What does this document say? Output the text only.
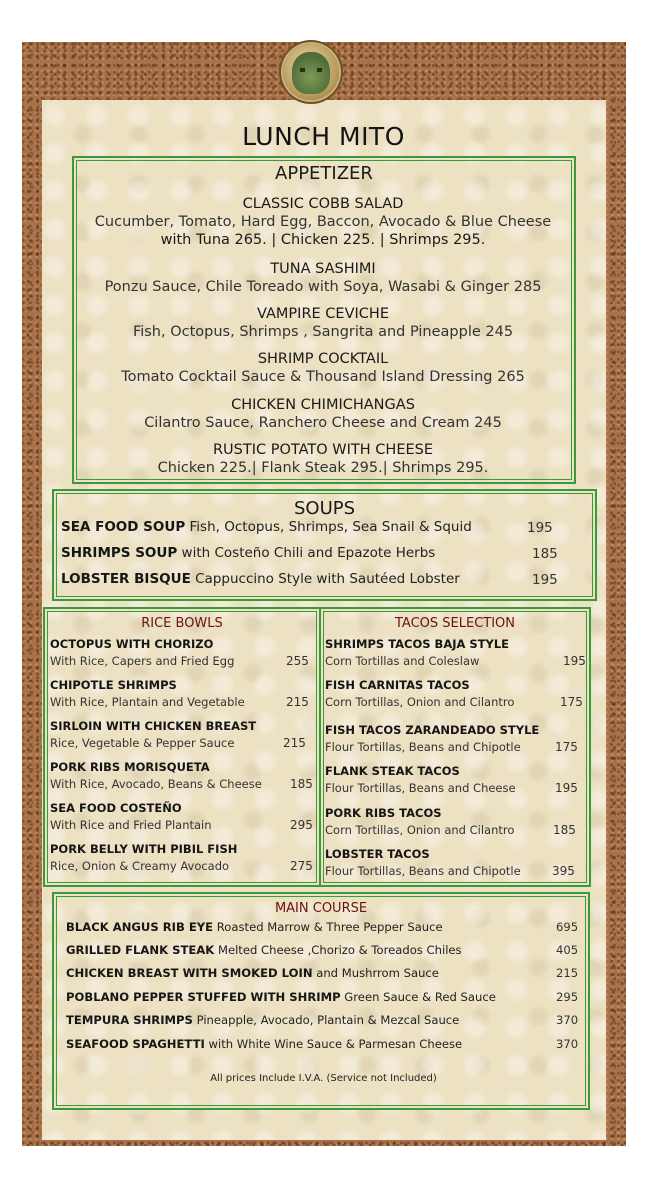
LUNCH MITO
APPETIZER
CLASSIC COBB SALAD
Cucumber, Tomato, Hard Egg, Baccon, Avocado & Blue Cheese
with Tuna 265. | Chicken 225. | Shrimps 295.
TUNA SASHIMI
Ponzu Sauce, Chile Toreado with Soya, Wasabi & Ginger 285
VAMPIRE CEVICHE
Fish, Octopus, Shrimps , Sangrita and Pineapple 245
SHRIMP COCKTAIL
Tomato Cocktail Sauce & Thousand Island Dressing 265
CHICKEN CHIMICHANGAS
Cilantro Sauce, Ranchero Cheese and Cream 245
RUSTIC POTATO WITH CHEESE
Chicken 225.| Flank Steak 295.| Shrimps 295.
SOUPS
SEA FOOD SOUP Fish, Octopus, Shrimps, Sea Snail & Squid	195
SHRIMPS SOUP with Costeño Chili and Epazote Herbs	185
LOBSTER BISQUE Cappuccino Style with Sautéed Lobster	195
RICE BOWLS
OCTOPUS WITH CHORIZO
With Rice, Capers and Fried Egg	255
CHIPOTLE SHRIMPS
With Rice, Plantain and Vegetable	215
SIRLOIN WITH CHICKEN BREAST
Rice, Vegetable & Pepper Sauce	215
PORK RIBS MORISQUETA
With Rice, Avocado, Beans & Cheese 185
SEA FOOD COSTEÑO
With Rice and Fried Plantain	295
PORK BELLY WITH PIBIL FISH
Rice, Onion & Creamy Avocado	275
TACOS SELECTION
SHRIMPS TACOS BAJA STYLE
Corn Tortillas and Coleslaw	195
FISH CARNITAS TACOS
Corn Tortillas, Onion and Cilantro	175
FISH TACOS ZARANDEADO STYLE
Flour Tortillas, Beans and Chipotle	175
FLANK STEAK TACOS
Flour Tortillas, Beans and Cheese	195
PORK RIBS TACOS
Corn Tortillas, Onion and Cilantro	185
LOBSTER TACOS
Flour Tortillas, Beans and Chipotle	395
MAIN COURSE
BLACK ANGUS RIB EYE Roasted Marrow & Three Pepper Sauce	695
GRILLED FLANK STEAK Melted Cheese ,Chorizo & Toreados Chiles	405
CHICKEN BREAST WITH SMOKED LOIN and Mushrrom Sauce	215
POBLANO PEPPER STUFFED WITH SHRIMP Green Sauce & Red Sauce	295
TEMPURA SHRIMPS Pineapple, Avocado, Plantain & Mezcal Sauce	370
SEAFOOD SPAGHETTI with White Wine Sauce & Parmesan Cheese	370
All prices Include I.V.A. (Service not Included)
